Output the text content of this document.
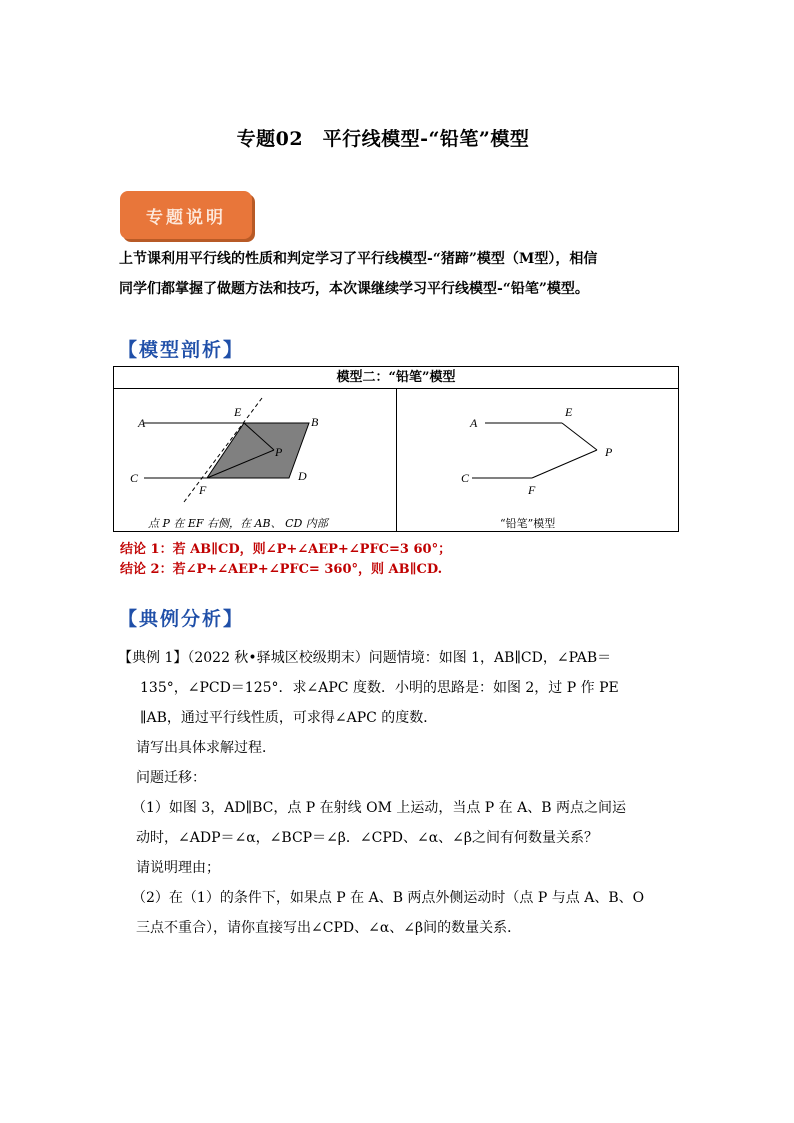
专题02　平行线模型-“铅笔”模型
专题说明
上节课利用平行线的性质和判定学习了平行线模型-“猪蹄”模型（M型），相信
同学们都掌握了做题方法和技巧，本次课继续学习平行线模型-“铅笔”模型。
【模型剖析】
模型二：“铅笔”模型
A
E
B
P
C	D
F
A
E
P
C
F
点 P 在 EF 右侧，在 AB、 CD 内部	“铅笔”模型
结论 1：若 AB∥CD，则∠P+∠AEP+∠PFC=3 60°；
结论 2：若∠P+∠AEP+∠PFC= 360°，则 AB∥CD.
【典例分析】

【典例 1】（2022 秋•驿城区校级期末）问题情境：如图 1，AB∥CD，∠PAB＝

135°，∠PCD＝125°．求∠APC 度数．小明的思路是：如图 2，过 P 作 PE

∥AB，通过平行线性质，可求得∠APC 的度数．

请写出具体求解过程．

问题迁移：

（1）如图 3，AD∥BC，点 P 在射线 OM 上运动，当点 P 在 A、B 两点之间运

动时，∠ADP＝∠α，∠BCP＝∠β．∠CPD、∠α、∠β之间有何数量关系？

请说明理由；

（2）在（1）的条件下，如果点 P 在 A、B 两点外侧运动时（点 P 与点 A、B、O

三点不重合），请你直接写出∠CPD、∠α、∠β间的数量关系．
